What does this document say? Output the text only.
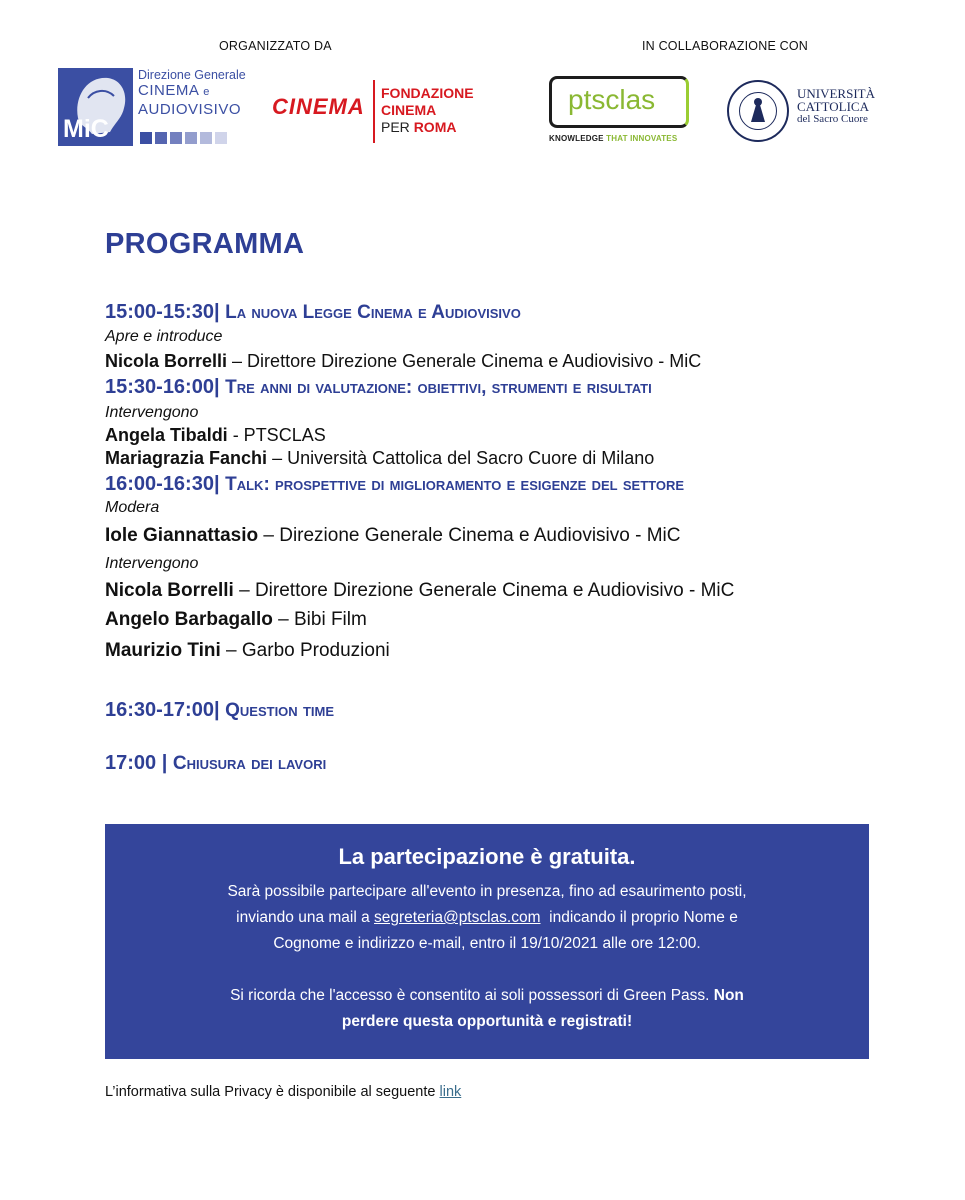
ORGANIZZATO DA	IN COLLABORAZIONE CON
MiC
Direzione Generale
CINEMA e
AUDIOVISIVO CINEMA
FONDAZIONE
CINEMA
PER ROMA
ptsclas
KNOWLEDGE THAT INNOVATES
UNIVERSITÀ
CATTOLICA
del Sacro Cuore
PROGRAMMA
15:00-15:30| La nuova Legge Cinema e Audiovisivo
Apre e introduce
Nicola Borrelli – Direttore Direzione Generale Cinema e Audiovisivo - MiC
15:30-16:00| Tre anni di valutazione: obiettivi, strumenti e risultati
Intervengono
Angela Tibaldi - PTSCLAS
Mariagrazia Fanchi – Università Cattolica del Sacro Cuore di Milano
16:00-16:30| Talk: prospettive di miglioramento e esigenze del settore
Modera
Iole Giannattasio – Direzione Generale Cinema e Audiovisivo - MiC
Intervengono
Nicola Borrelli – Direttore Direzione Generale Cinema e Audiovisivo - MiC
Angelo Barbagallo – Bibi Film
Maurizio Tini – Garbo Produzioni
16:30-17:00| Question time
17:00 | Chiusura dei lavori
La partecipazione è gratuita.
Sarà possibile partecipare all'evento in presenza, fino ad esaurimento posti,
inviando una mail a segreteria@ptsclas.com  indicando il proprio Nome e
Cognome e indirizzo e-mail, entro il 19/10/2021 alle ore 12:00.
Si ricorda che l'accesso è consentito ai soli possessori di Green Pass. Non
perdere questa opportunità e registrati!
L’informativa sulla Privacy è disponibile al seguente link
